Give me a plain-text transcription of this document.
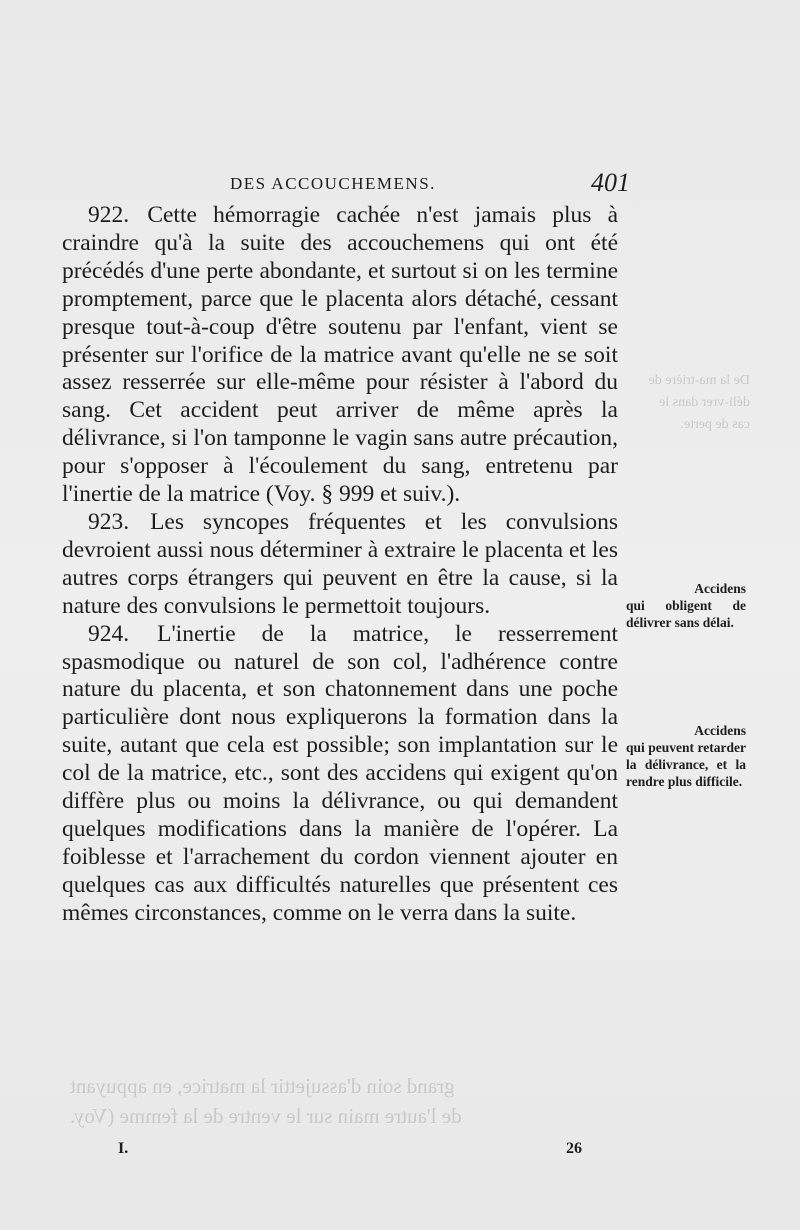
DES ACCOUCHEMENS.	401

922. Cette hémorragie cachée n'est jamais plus à craindre qu'à la suite des accouchemens qui ont été précédés d'une perte abondante, et surtout si on les termine promptement, parce que le placenta alors détaché, cessant presque tout-à-coup d'être soutenu par l'enfant, vient se présenter sur l'orifice de la matrice avant qu'elle ne se soit assez resserrée sur elle-même pour résister à l'abord du sang. Cet accident peut arriver de même après la délivrance, si l'on tamponne le vagin sans autre précaution, pour s'opposer à l'écoulement du sang, entretenu par l'inertie de la matrice (Voy. § 999 et suiv.).

923. Les syncopes fréquentes et les convulsions devroient aussi nous déterminer à extraire le placenta et les autres corps étrangers qui peuvent en être la cause, si la nature des convulsions le permettoit toujours.

924. L'inertie de la matrice, le resserrement spasmodique ou naturel de son col, l'adhérence contre nature du placenta, et son chatonnement dans une poche particulière dont nous expliquerons la formation dans la suite, autant que cela est possible; son implantation sur le col de la matrice, etc., sont des accidens qui exigent qu'on diffère plus ou moins la délivrance, ou qui demandent quelques modifications dans la manière de l'opérer. La foiblesse et l'arrachement du cordon viennent ajouter en quelques cas aux difficultés naturelles que présentent ces mêmes circonstances, comme on le verra dans la suite.

Accidens
qui obligent de délivrer sans délai.
Accidens
qui peuvent retarder la délivrance, et la rendre plus difficile.
I.	26
grand soin d'assujettir la matrice, en appuyant
de l'autre main sur le ventre de la femme (Voy.
De la ma-trière de déli-vrer dans le cas de perte.
